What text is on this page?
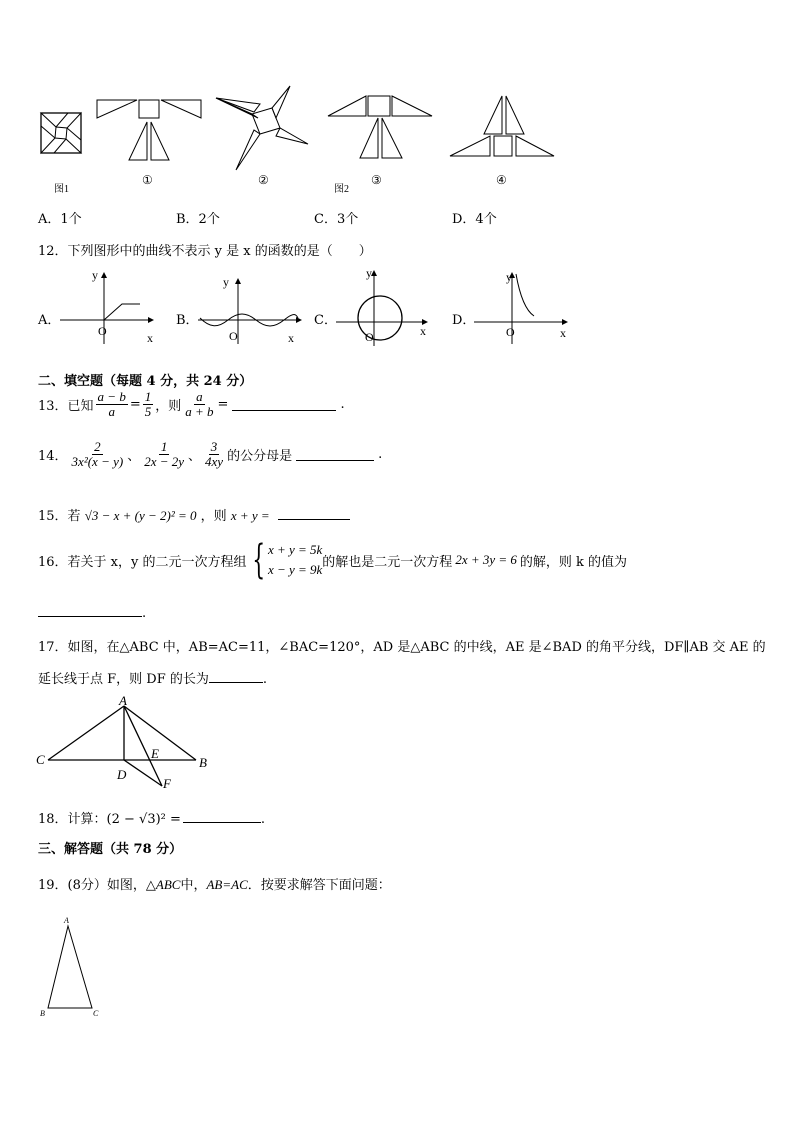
图1
①	②
图2
③	④
A．1个	B．2个	C．3个	D．4个
12．下列图形中的曲线不表示 y 是 x 的函数的是（　　）
A．
y
O	x
B．
y
O	x
C．
y
O	x
D．
y
O	x
二、填空题（每题 4 分，共 24 分）
13．已知 $\frac{a - b}{a} = \frac{1}{5}$ ，则 $\frac{a}{a + b}$ =	.
14． $\frac{2}{\text{3x²(x − y)}}$ 、 $\frac{1}{2x - 2y}$ 、 $\frac{3}{4xy}$ 的公分母是	.
15．若 √3 − x + (y − 2)² = 0 ，则 x + y =
16．若关于 x，y 的二元一次方程组 { x + y = 5k
x − y = 9k 的解也是二元一次方程 2x + 3y = 6 的解，则 k 的值为
.
17．如图，在△ABC 中，AB=AC=11，∠BAC=120°，AD 是△ABC 的中线，AE 是∠BAD 的角平分线，DF∥AB 交 AE 的
延长线于点 F，则 DF 的长为	.
A
C	B
E
D
F
18．计算：(2 − √3)² =	.
三、解答题（共 78 分）
19．(8分）如图，△ABC中，AB=AC．按要求解答下面问题：
A
B	C
